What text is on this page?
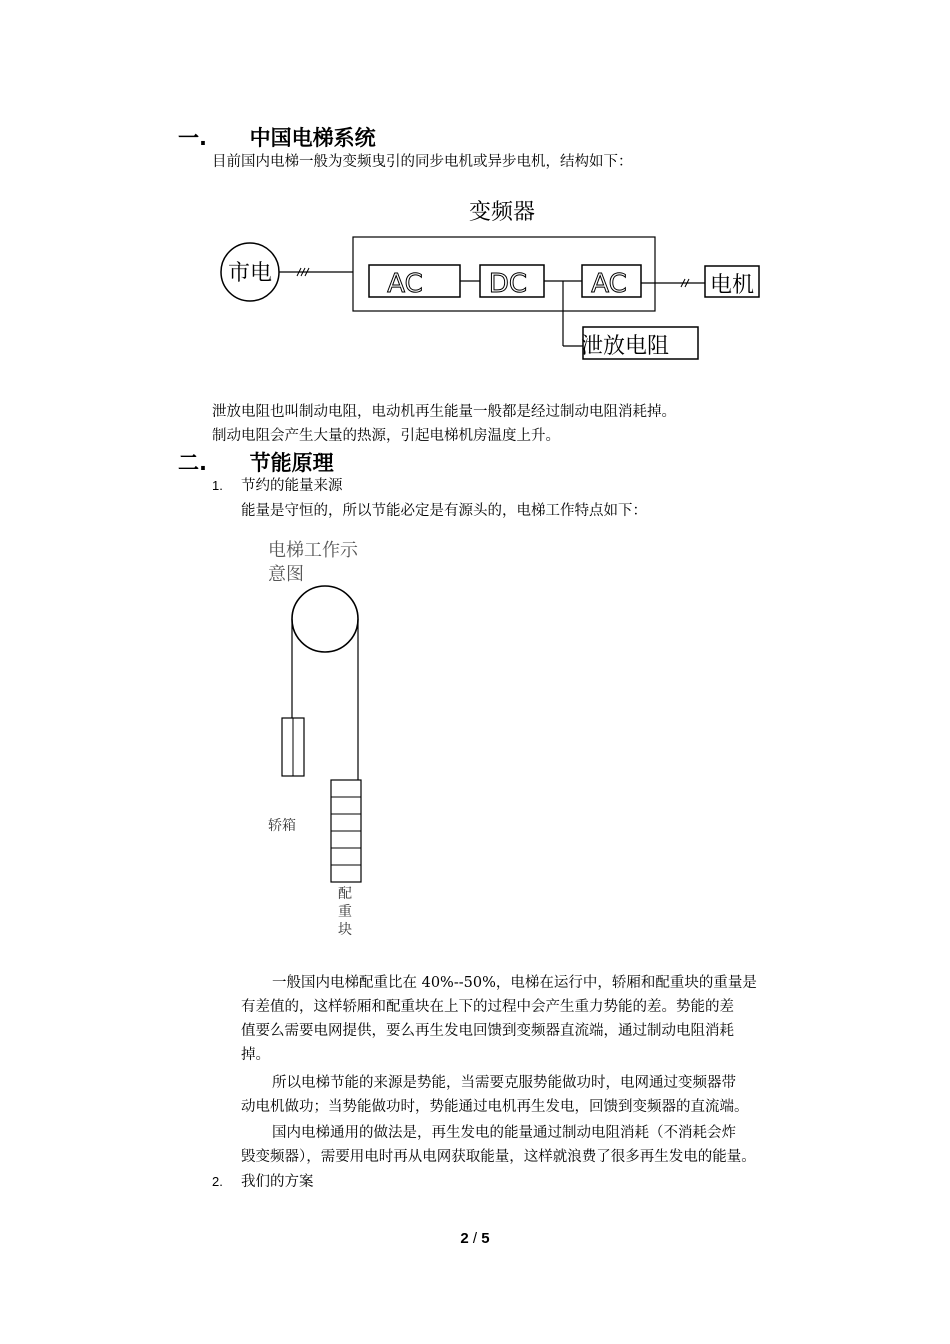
一. 中国电梯系统
目前国内电梯一般为变频曳引的同步电机或异步电机，结构如下：
市电
变频器
AC	DC AC	电机
泄放电阻
泄放电阻也叫制动电阻，电动机再生能量一般都是经过制动电阻消耗掉。
制动电阻会产生大量的热源，引起电梯机房温度上升。
二. 节能原理
1. 节约的能量来源
能量是守恒的，所以节能必定是有源头的，电梯工作特点如下：
电梯工作示
意图
轿箱
配
重
块
一般国内电梯配重比在 40%--50%，电梯在运行中，轿厢和配重块的重量是
有差值的，这样轿厢和配重块在上下的过程中会产生重力势能的差。势能的差
值要么需要电网提供，要么再生发电回馈到变频器直流端，通过制动电阻消耗
掉。
所以电梯节能的来源是势能，当需要克服势能做功时，电网通过变频器带
动电机做功；当势能做功时，势能通过电机再生发电，回馈到变频器的直流端。
国内电梯通用的做法是，再生发电的能量通过制动电阻消耗（不消耗会炸
毁变频器），需要用电时再从电网获取能量，这样就浪费了很多再生发电的能量。
2. 我们的方案
2 / 5
